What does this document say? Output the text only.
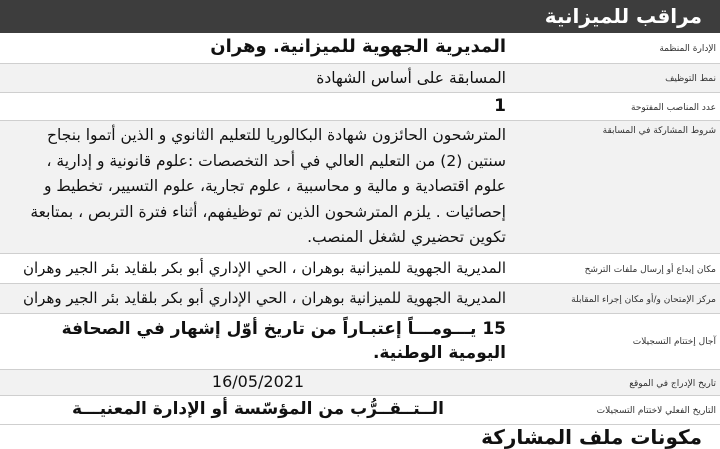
مراقب للميزانية
الإدارة المنظمة
المديرية الجهوية للميزانية. وهران
نمط التوظيف
المسابقة على أساس الشهادة
عدد المناصب المفتوحة
1
شروط المشاركة في المسابقة
المترشحون الحائزون شهادة البكالوريا للتعليم الثانوي و الذين أتموا بنجاح سنتين (2) من التعليم العالي في أحد التخصصات :علوم قانونية و إدارية ، علوم اقتصادية و مالية و محاسبية ، علوم تجارية، علوم التسيير، تخطيط و إحصائيات . يلزم المترشحون الذين تم توظيفهم، أثناء فترة التربص ، بمتابعة تكوين تحضيري لشغل المنصب.
مكان إيداع أو إرسال ملفات الترشح
المديرية الجهوية للميزانية بوهران ، الحي الإداري أبو بكر بلقايد بئر الجير وهران
مركز الإمتحان و/أو مكان إجراء المقابلة
المديرية الجهوية للميزانية بوهران ، الحي الإداري أبو بكر بلقايد بئر الجير وهران
آجال إختتام التسجيلات
15 يـــومـــاً إعتبـاراً من تاريخ أوّل إشهار في الصحافة اليومية الوطنية.
تاريخ الإدراج في الموقع
16/05/2021
التاريخ الفعلي لاختتام التسجيلات
الــتــقــرُّب من المؤسّسة أو الإدارة المعنيـــة
مكونات ملف المشاركة
